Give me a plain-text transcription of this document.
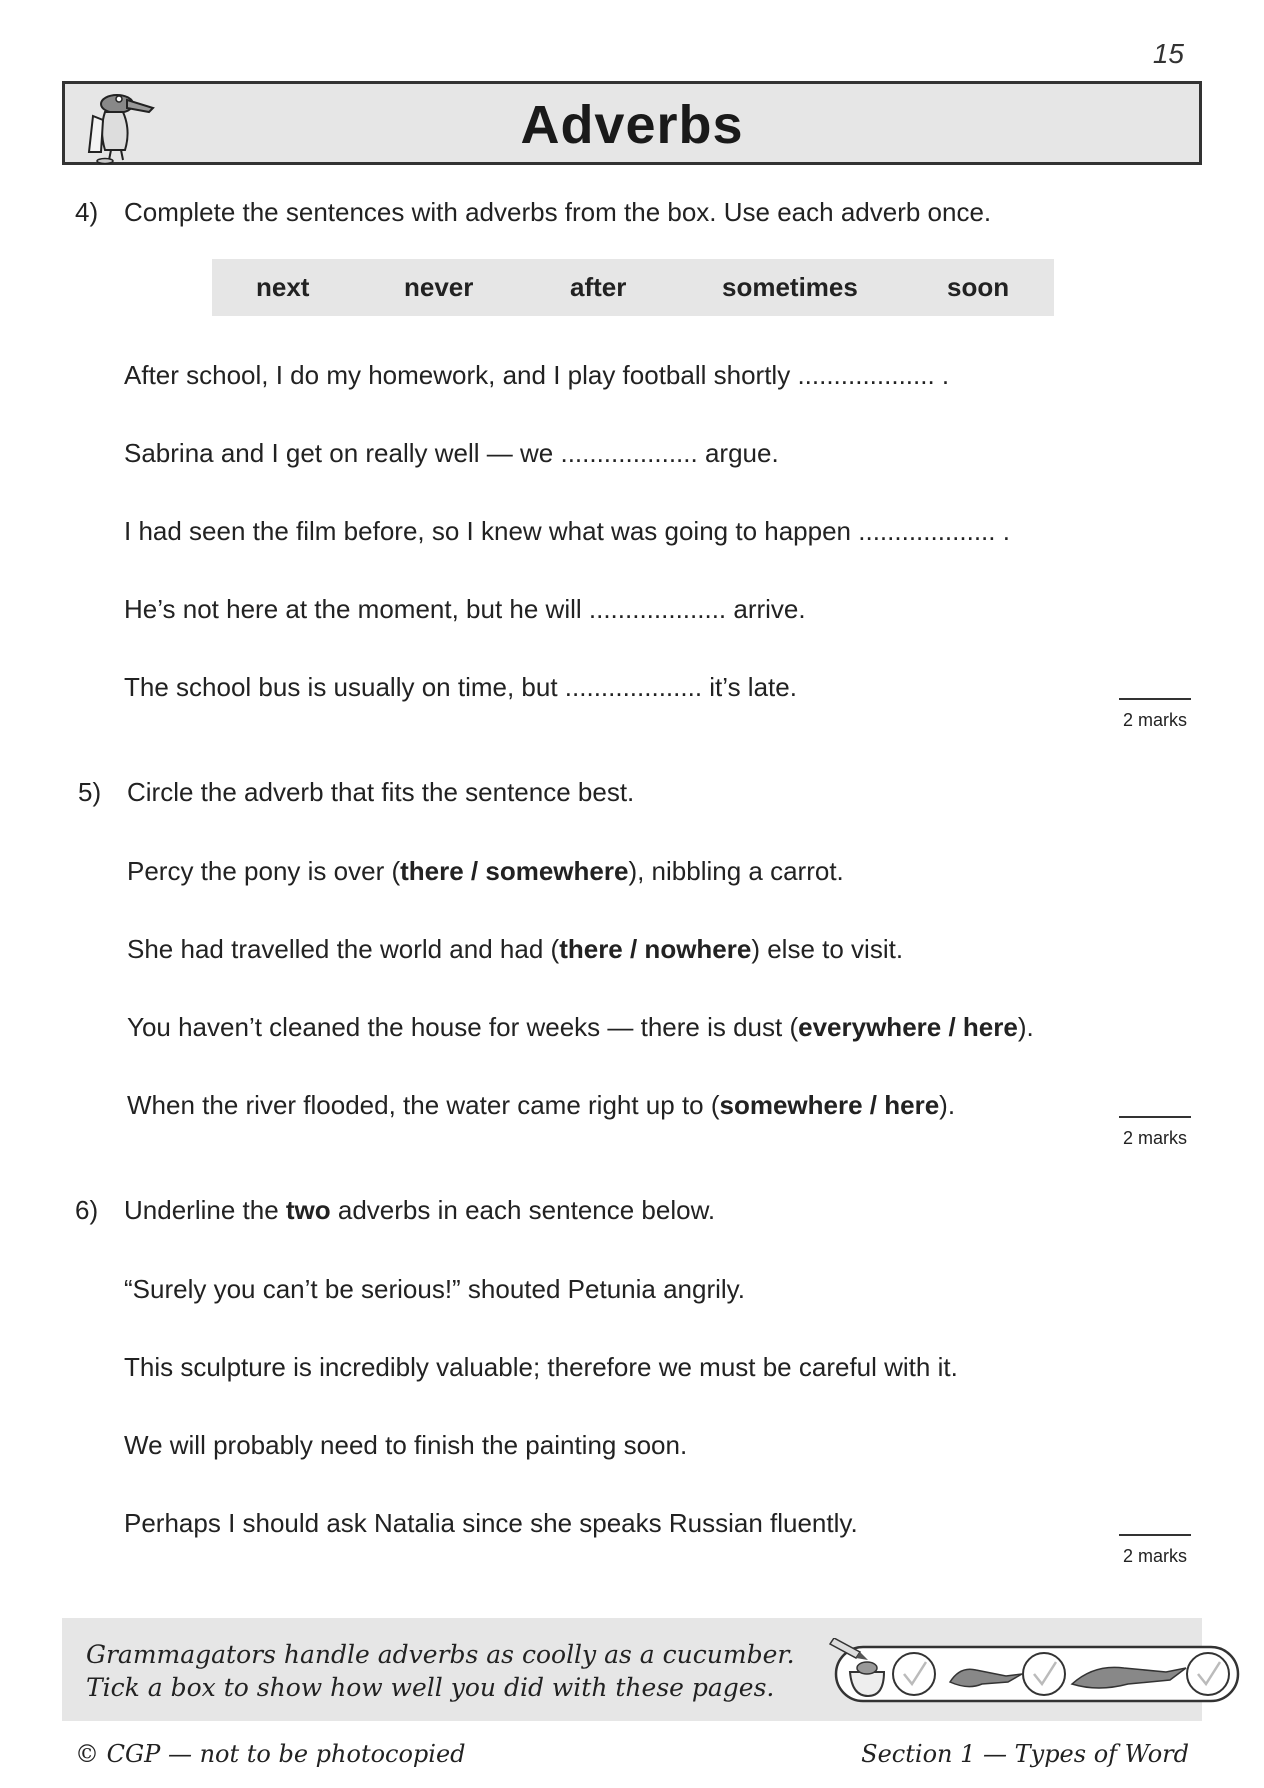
15
Adverbs
4) Complete the sentences with adverbs from the box. Use each adverb once.
next	never	after	sometimes	soon
After school, I do my homework, and I play football shortly ................... .
Sabrina and I get on really well — we ................... argue.
I had seen the film before, so I knew what was going to happen ................... .
He’s not here at the moment, but he will ................... arrive.
The school bus is usually on time, but ................... it’s late.
2 marks
5) Circle the adverb that fits the sentence best.
Percy the pony is over (there / somewhere), nibbling a carrot.
She had travelled the world and had (there / nowhere) else to visit.
You haven’t cleaned the house for weeks — there is dust (everywhere / here).
When the river flooded, the water came right up to (somewhere / here).
2 marks
6) Underline the two adverbs in each sentence below.
“Surely you can’t be serious!” shouted Petunia angrily.
This sculpture is incredibly valuable; therefore we must be careful with it.
We will probably need to finish the painting soon.
Perhaps I should ask Natalia since she speaks Russian fluently.
2 marks
Grammagators handle adverbs as coolly as a cucumber.
Tick a box to show how well you did with these pages.
© CGP — not to be photocopied	Section 1 — Types of Word
